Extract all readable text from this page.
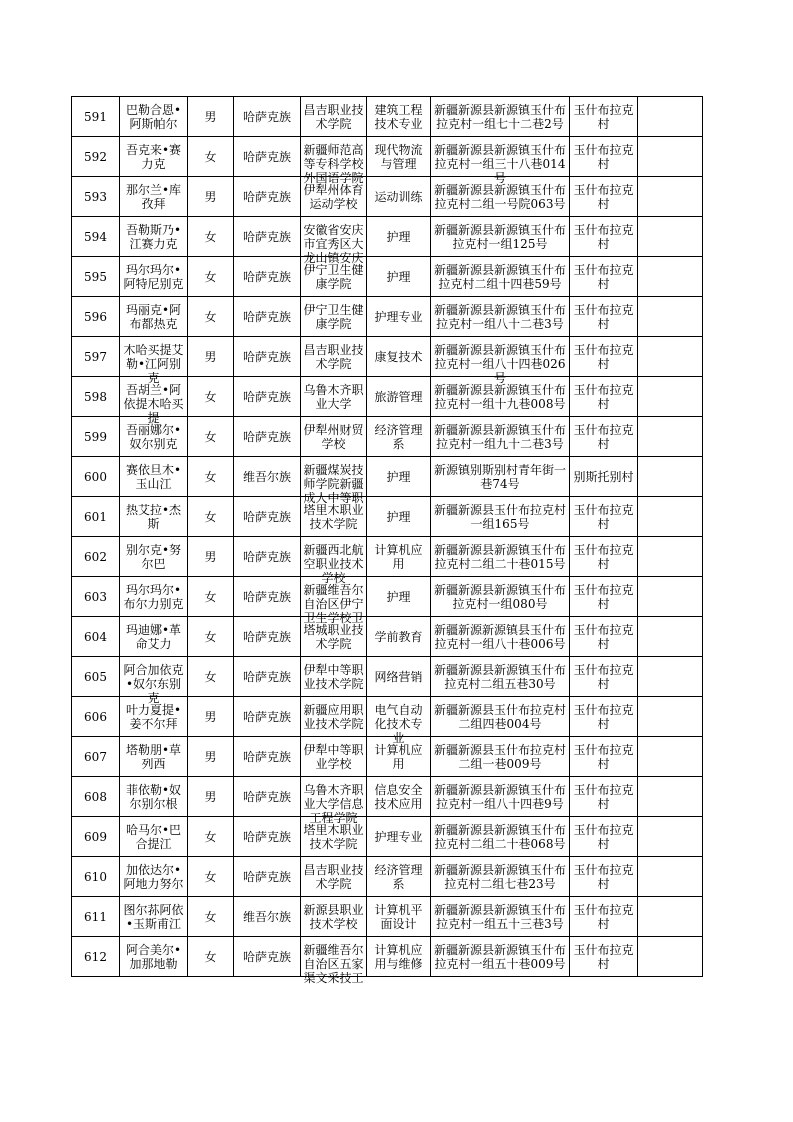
591	巴勒合恩•阿斯帕尔	男	哈萨克族	昌吉职业技术学院	建筑工程技术专业	新疆新源县新源镇玉什布拉克村一组七十二巷2号	玉什布拉克村	

592	吾克来•赛力克	女	哈萨克族	新疆师范高等专科学校外国语学院	现代物流与管理	新疆新源县新源镇玉什布拉克村一组三十八巷014号	玉什布拉克村	

593	那尔兰•库孜拜	男	哈萨克族	伊犁州体育运动学校	运动训练	新疆新源县新源镇玉什布拉克村二组一号院063号	玉什布拉克村	

594	吾勒斯乃•江赛力克	女	哈萨克族	安徽省安庆市宜秀区大龙山镇安庆	护理	新疆新源县新源镇玉什布拉克村一组125号	玉什布拉克村	

595	玛尔玛尔•阿特尼别克	女	哈萨克族	伊宁卫生健康学院	护理	新疆新源县新源镇玉什布拉克村二组十四巷59号	玉什布拉克村	

596	玛丽克•阿布都热克	女	哈萨克族	伊宁卫生健康学院	护理专业	新疆新源县新源镇玉什布拉克村一组八十二巷3号	玉什布拉克村	

597	木哈买提艾勒•江阿别克	男	哈萨克族	昌吉职业技术学院	康复技术	新疆新源县新源镇玉什布拉克村一组八十四巷026号	玉什布拉克村	

598	吾胡兰•阿依提木哈买提	女	哈萨克族	乌鲁木齐职业大学	旅游管理	新疆新源县新源镇玉什布拉克村一组十九巷008号	玉什布拉克村	

599	吾丽娜尔•奴尔别克	女	哈萨克族	伊犁州财贸学校	经济管理系	新疆新源县新源镇玉什布拉克村一组九十二巷3号	玉什布拉克村	

600	赛依旦木•玉山江	女	维吾尔族	新疆煤炭技师学院新疆成人中等职	护理	新源镇别斯别村青年街一巷74号	别斯托别村	

601	热艾拉•杰斯	女	哈萨克族	塔里木职业技术学院	护理	新疆新源县玉什布拉克村一组165号	玉什布拉克村	

602	别尔克•努尔巴	男	哈萨克族	新疆西北航空职业技术学校	计算机应用	新疆新源县新源镇玉什布拉克村二组二十巷015号	玉什布拉克村	

603	玛尔玛尔•布尔力别克	女	哈萨克族	新疆维吾尔自治区伊宁卫生学校卫	护理	新疆新源县新源镇玉什布拉克村一组080号	玉什布拉克村	

604	玛迪娜•革命艾力	女	哈萨克族	塔城职业技术学院	学前教育	新疆新源新源镇县玉什布拉克村一组八十巷006号	玉什布拉克村	

605	阿合加依克•奴尔东别克	女	哈萨克族	伊犁中等职业技术学院	网络营销	新疆新源县新源镇玉什布拉克村二组五巷30号	玉什布拉克村	

606	叶力夏提•姜不尔拜	男	哈萨克族	新疆应用职业技术学院	电气自动化技术专业	新疆新源县玉什布拉克村二组四巷004号	玉什布拉克村	

607	塔勒朋•草列西	男	哈萨克族	伊犁中等职业学校	计算机应用	新疆新源县玉什布拉克村二组一巷009号	玉什布拉克村	

608	菲依勒•奴尔别尔根	男	哈萨克族	乌鲁木齐职业大学信息工程学院	信息安全技术应用	新疆新源县新源镇玉什布拉克村一组八十四巷9号	玉什布拉克村	

609	哈马尔•巴合提江	女	哈萨克族	塔里木职业技术学院	护理专业	新疆新源县新源镇玉什布拉克村二组二十巷068号	玉什布拉克村	

610	加依达尔•阿地力努尔	女	哈萨克族	昌吉职业技术学院	经济管理系	新疆新源县新源镇玉什布拉克村二组七巷23号	玉什布拉克村	

611	图尔荪阿依•玉斯甫江	女	维吾尔族	新源县职业技术学校	计算机平面设计	新疆新源县新源镇玉什布拉克村一组五十三巷3号	玉什布拉克村	

612	阿合美尔•加那地勒	女	哈萨克族	新疆维吾尔自治区五家渠文采技工	计算机应用与维修	新疆新源县新源镇玉什布拉克村一组五十巷009号	玉什布拉克村	
